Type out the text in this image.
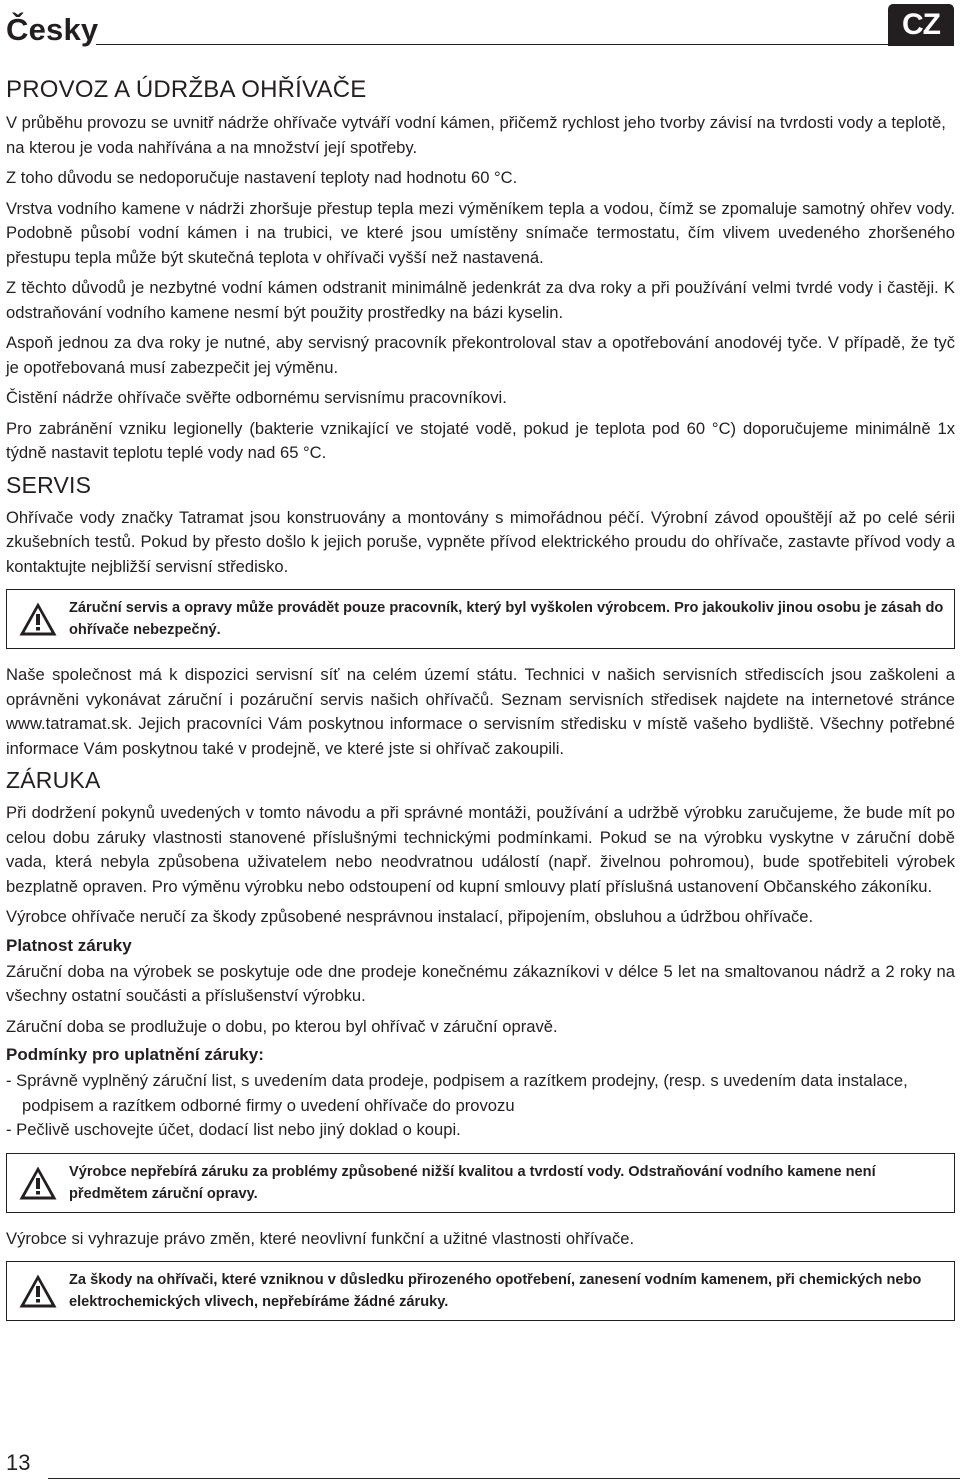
Česky	CZ
PROVOZ A ÚDRŽBA OHŘÍVAČE

V průběhu provozu se uvnitř nádrže ohřívače vytváří vodní kámen, přičemž rychlost jeho tvorby závisí na tvrdosti vody a teplotě, na kterou je voda nahřívána a na množství její spotřeby.

Z toho důvodu se nedoporučuje nastavení teploty nad hodnotu 60 °C.

Vrstva vodního kamene v nádrži zhoršuje přestup tepla mezi výměníkem tepla a vodou, čímž se zpomaluje samotný ohřev vody. Podobně působí vodní kámen i na trubici, ve které jsou umístěny snímače termostatu, čím vlivem uvedeného zhoršeného přestupu tepla může být skutečná teplota v ohřívači vyšší než nastavená.

Z těchto důvodů je nezbytné vodní kámen odstranit minimálně jedenkrát za dva roky a při používání velmi tvrdé vody i častěji. K odstraňování vodního kamene nesmí být použity prostředky na bázi kyselin.

Aspoň jednou za dva roky je nutné, aby servisný pracovník překontroloval stav a opotřebování anodovéj tyče. V případě, že tyč je opotřebovaná musí zabezpečit jej výměnu.

Čistění nádrže ohřívače svěřte odbornému servisnímu pracovníkovi.

Pro zabránění vzniku legionelly (bakterie vznikající ve stojaté vodě, pokud je teplota pod 60 °C) doporučujeme minimálně 1x týdně nastavit teplotu teplé vody nad 65 °C.

SERVIS

Ohřívače vody značky Tatramat jsou konstruovány a montovány s mimořádnou péčí. Výrobní závod opouštějí až po celé sérii zkušebních testů. Pokud by přesto došlo k jejich poruše, vypněte přívod elektrického proudu do ohřívače, zastavte přívod vody a kontaktujte nejbližší servisní středisko.

Záruční servis a opravy může provádět pouze pracovník, který byl vyškolen výrobcem. Pro jakoukoliv jinou osobu je zásah do ohřívače nebezpečný.

Naše společnost má k dispozici servisní síť na celém území státu. Technici v našich servisních střediscích jsou zaškoleni a oprávněni vykonávat záruční i pozáruční servis našich ohřívačů. Seznam servisních středisek najdete na internetové stránce www.tatramat.sk. Jejich pracovníci Vám poskytnou informace o servisním středisku v místě vašeho bydliště. Všechny potřebné informace Vám poskytnou také v prodejně, ve které jste si ohřívač zakoupili.

ZÁRUKA

Při dodržení pokynů uvedených v tomto návodu a při správné montáži, používání a udržbě výrobku zaručujeme, že bude mít po celou dobu záruky vlastnosti stanovené příslušnými technickými podmínkami. Pokud se na výrobku vyskytne v záruční době vada, která nebyla způsobena uživatelem nebo neodvratnou událostí (např. živelnou pohromou), bude spotřebiteli výrobek bezplatně opraven. Pro výměnu výrobku nebo odstoupení od kupní smlouvy platí příslušná ustanovení Občanského zákoníku.

Výrobce ohřívače neručí za škody způsobené nesprávnou instalací, připojením, obsluhou a údržbou ohřívače.

Platnost záruky

Záruční doba na výrobek se poskytuje ode dne prodeje konečnému zákazníkovi v délce 5 let na smaltovanou nádrž a 2 roky na všechny ostatní součásti a příslušenství výrobku.

Záruční doba se prodlužuje o dobu, po kterou byl ohřívač v záruční opravě.

Podmínky pro uplatnění záruky:
- Správně vyplněný záruční list, s uvedením data prodeje, podpisem a razítkem prodejny, (resp. s uvedením data instalace, podpisem a razítkem odborné firmy o uvedení ohřívače do provozu
- Pečlivě uschovejte účet, dodací list nebo jiný doklad o koupi.
Výrobce nepřebírá záruku za problémy způsobené nižší kvalitou a tvrdostí vody. Odstraňování vodního kamene není předmětem záruční opravy.

Výrobce si vyhrazuje právo změn, které neovlivní funkční a užitné vlastnosti ohřívače.

Za škody na ohřívači, které vzniknou v důsledku přirozeného opotřebení, zanesení vodním kamenem, při chemických nebo elektrochemických vlivech, nepřebíráme žádné záruky.
13
